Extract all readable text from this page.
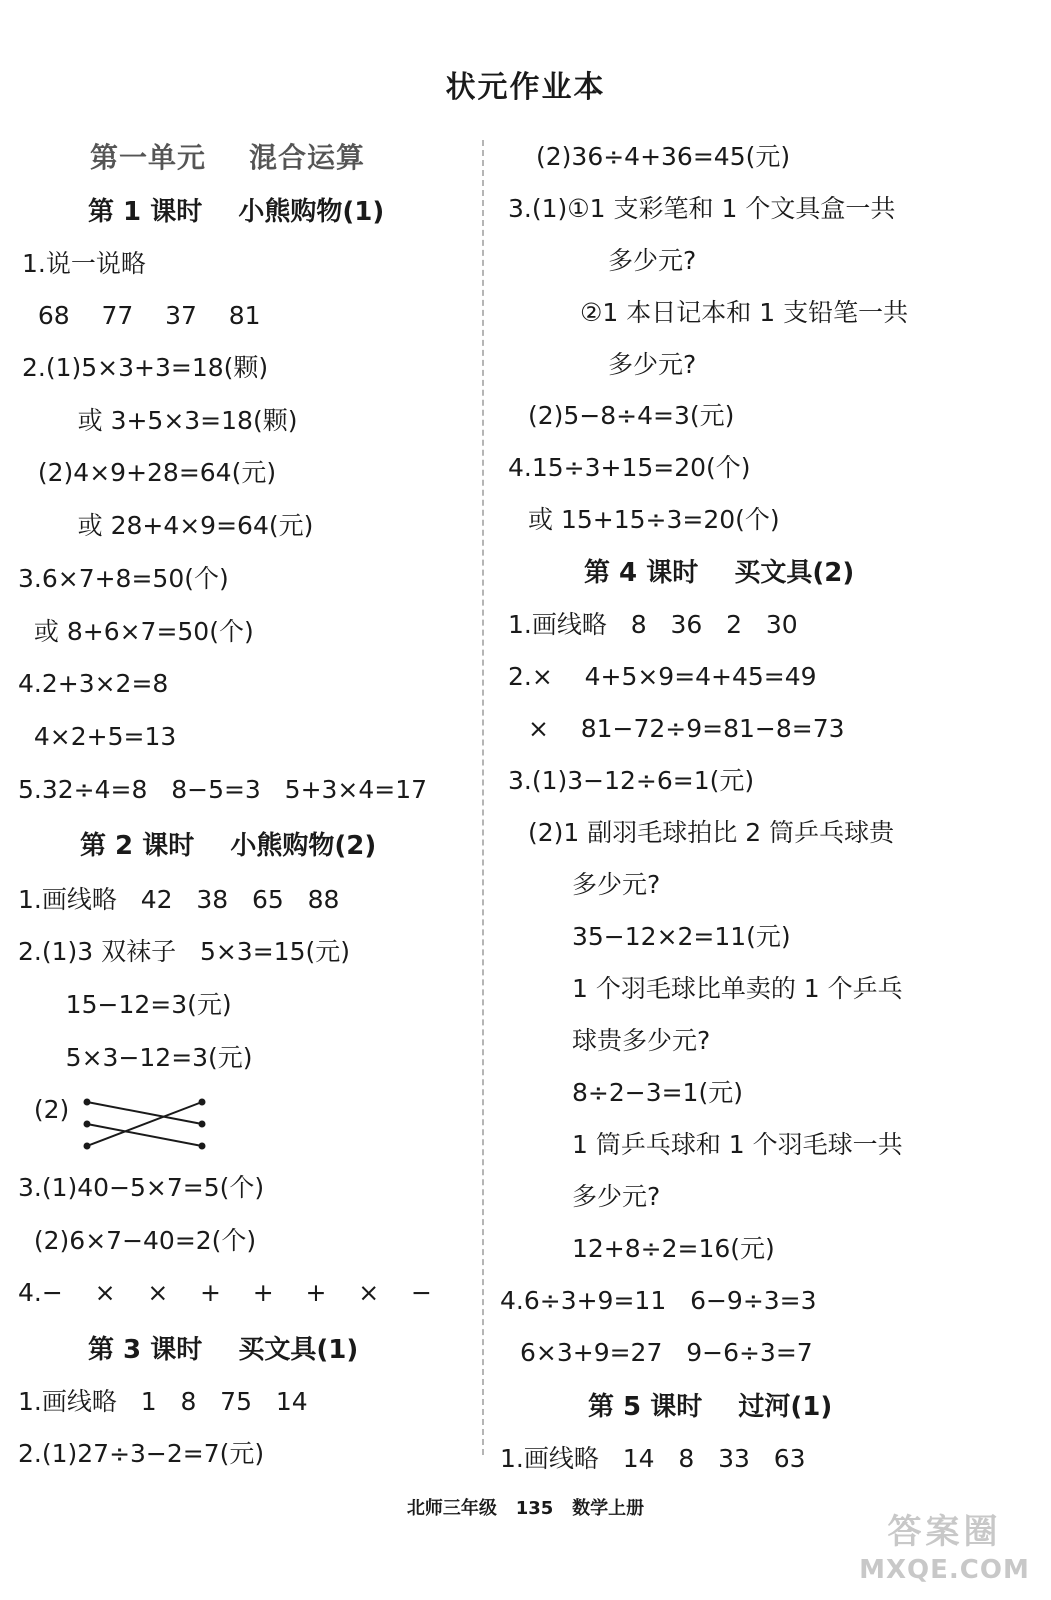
状元作业本
第一单元    混合运算
第 1 课时    小熊购物(1)
1.说一说略
68    77    37    81
2.(1)5×3+3=18(颗)
或 3+5×3=18(颗)
(2)4×9+28=64(元)
或 28+4×9=64(元)
3.6×7+8=50(个)
或 8+6×7=50(个)
4.2+3×2=8
4×2+5=13
5.32÷4=8   8−5=3   5+3×4=17
第 2 课时    小熊购物(2)
1.画线略   42   38   65   88
2.(1)3 双袜子   5×3=15(元)
15−12=3(元)
5×3−12=3(元)
(2)
3.(1)40−5×7=5(个)
(2)6×7−40=2(个)
4.−    ×    ×    +    +    +    ×    −
第 3 课时    买文具(1)
1.画线略   1   8   75   14
2.(1)27÷3−2=7(元)
(2)36÷4+36=45(元)
3.(1)①1 支彩笔和 1 个文具盒一共
多少元?
②1 本日记本和 1 支铅笔一共
多少元?
(2)5−8÷4=3(元)
4.15÷3+15=20(个)
或 15+15÷3=20(个)
第 4 课时    买文具(2)
1.画线略   8   36   2   30
2.×    4+5×9=4+45=49
×    81−72÷9=81−8=73
3.(1)3−12÷6=1(元)
(2)1 副羽毛球拍比 2 筒乒乓球贵
多少元?
35−12×2=11(元)
1 个羽毛球比单卖的 1 个乒乓
球贵多少元?
8÷2−3=1(元)
1 筒乒乓球和 1 个羽毛球一共
多少元?
12+8÷2=16(元)
4.6÷3+9=11   6−9÷3=3
6×3+9=27   9−6÷3=7
第 5 课时    过河(1)
1.画线略   14   8   33   63
北师三年级   135   数学上册
答案圈
MXQE.COM
